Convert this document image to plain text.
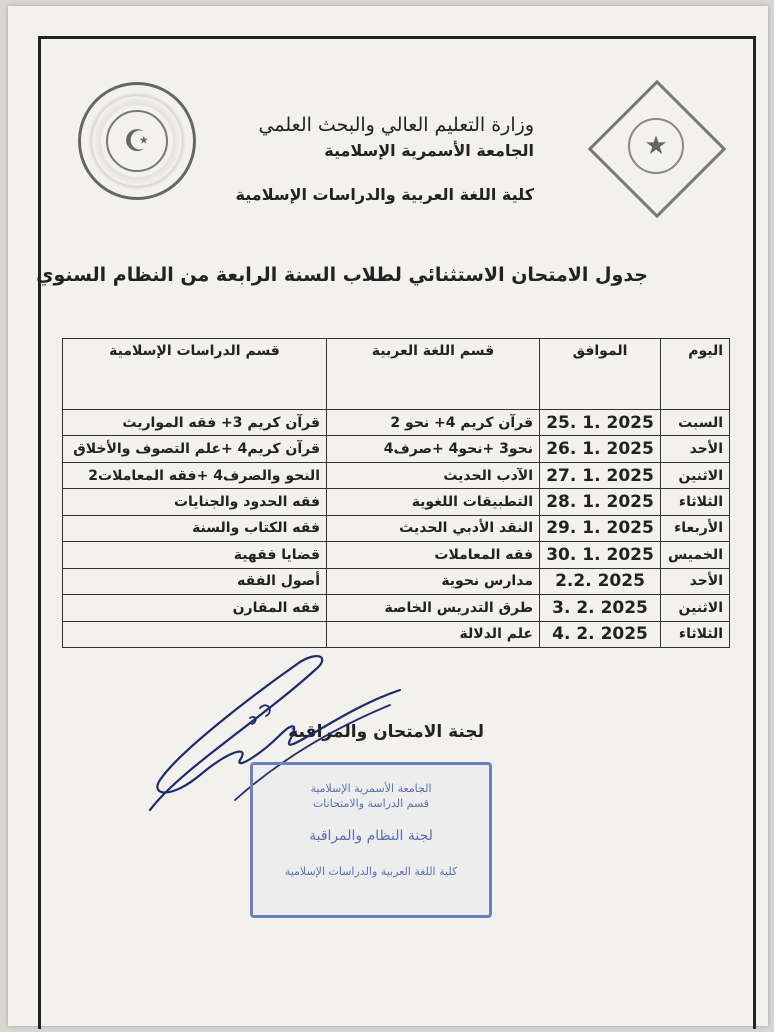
☪	★
وزارة التعليم العالي والبحث العلمي
الجامعة الأسمرية الإسلامية
كلية اللغة العربية والدراسات الإسلامية
جدول الامتحان الاستثنائي لطلاب السنة الرابعة من النظام السنوي
اليوم	الموافق	قسم اللغة العربية	قسم الدراسات الإسلامية
السبت	2025 .1 .25	قرآن كريم 4+ نحو 2	قرآن كريم 3+ فقه المواريث
الأحد	2025 .1 .26	نحو3 +نحو4 +صرف4	قرآن كريم4 +علم التصوف والأخلاق
الاثنين	2025 .1 .27	الآدب الحديث	النحو والصرف4 +فقه المعاملات2
الثلاثاء	2025 .1 .28	التطبيقات اللغوية	فقه الحدود والجنايات
الأربعاء	2025 .1 .29	النقد الأدبي الحديث	فقه الكتاب والسنة
الخميس	2025 .1 .30	فقه المعاملات	قضايا فقهية
الأحد	2025 .2.2	مدارس نحوية	أصول الفقه
الاثنين	2025 .2 .3	طرق التدريس الخاصة	فقه المقارن
الثلاثاء	2025 .2 .4	علم الدلالة	
لجنة الامتحان والمراقبة
الجامعة الأسمرية الإسلامية
قسم الدراسة والامتحانات
لجنة النظام والمراقبة
كلية اللغة العربية والدراسات الإسلامية
